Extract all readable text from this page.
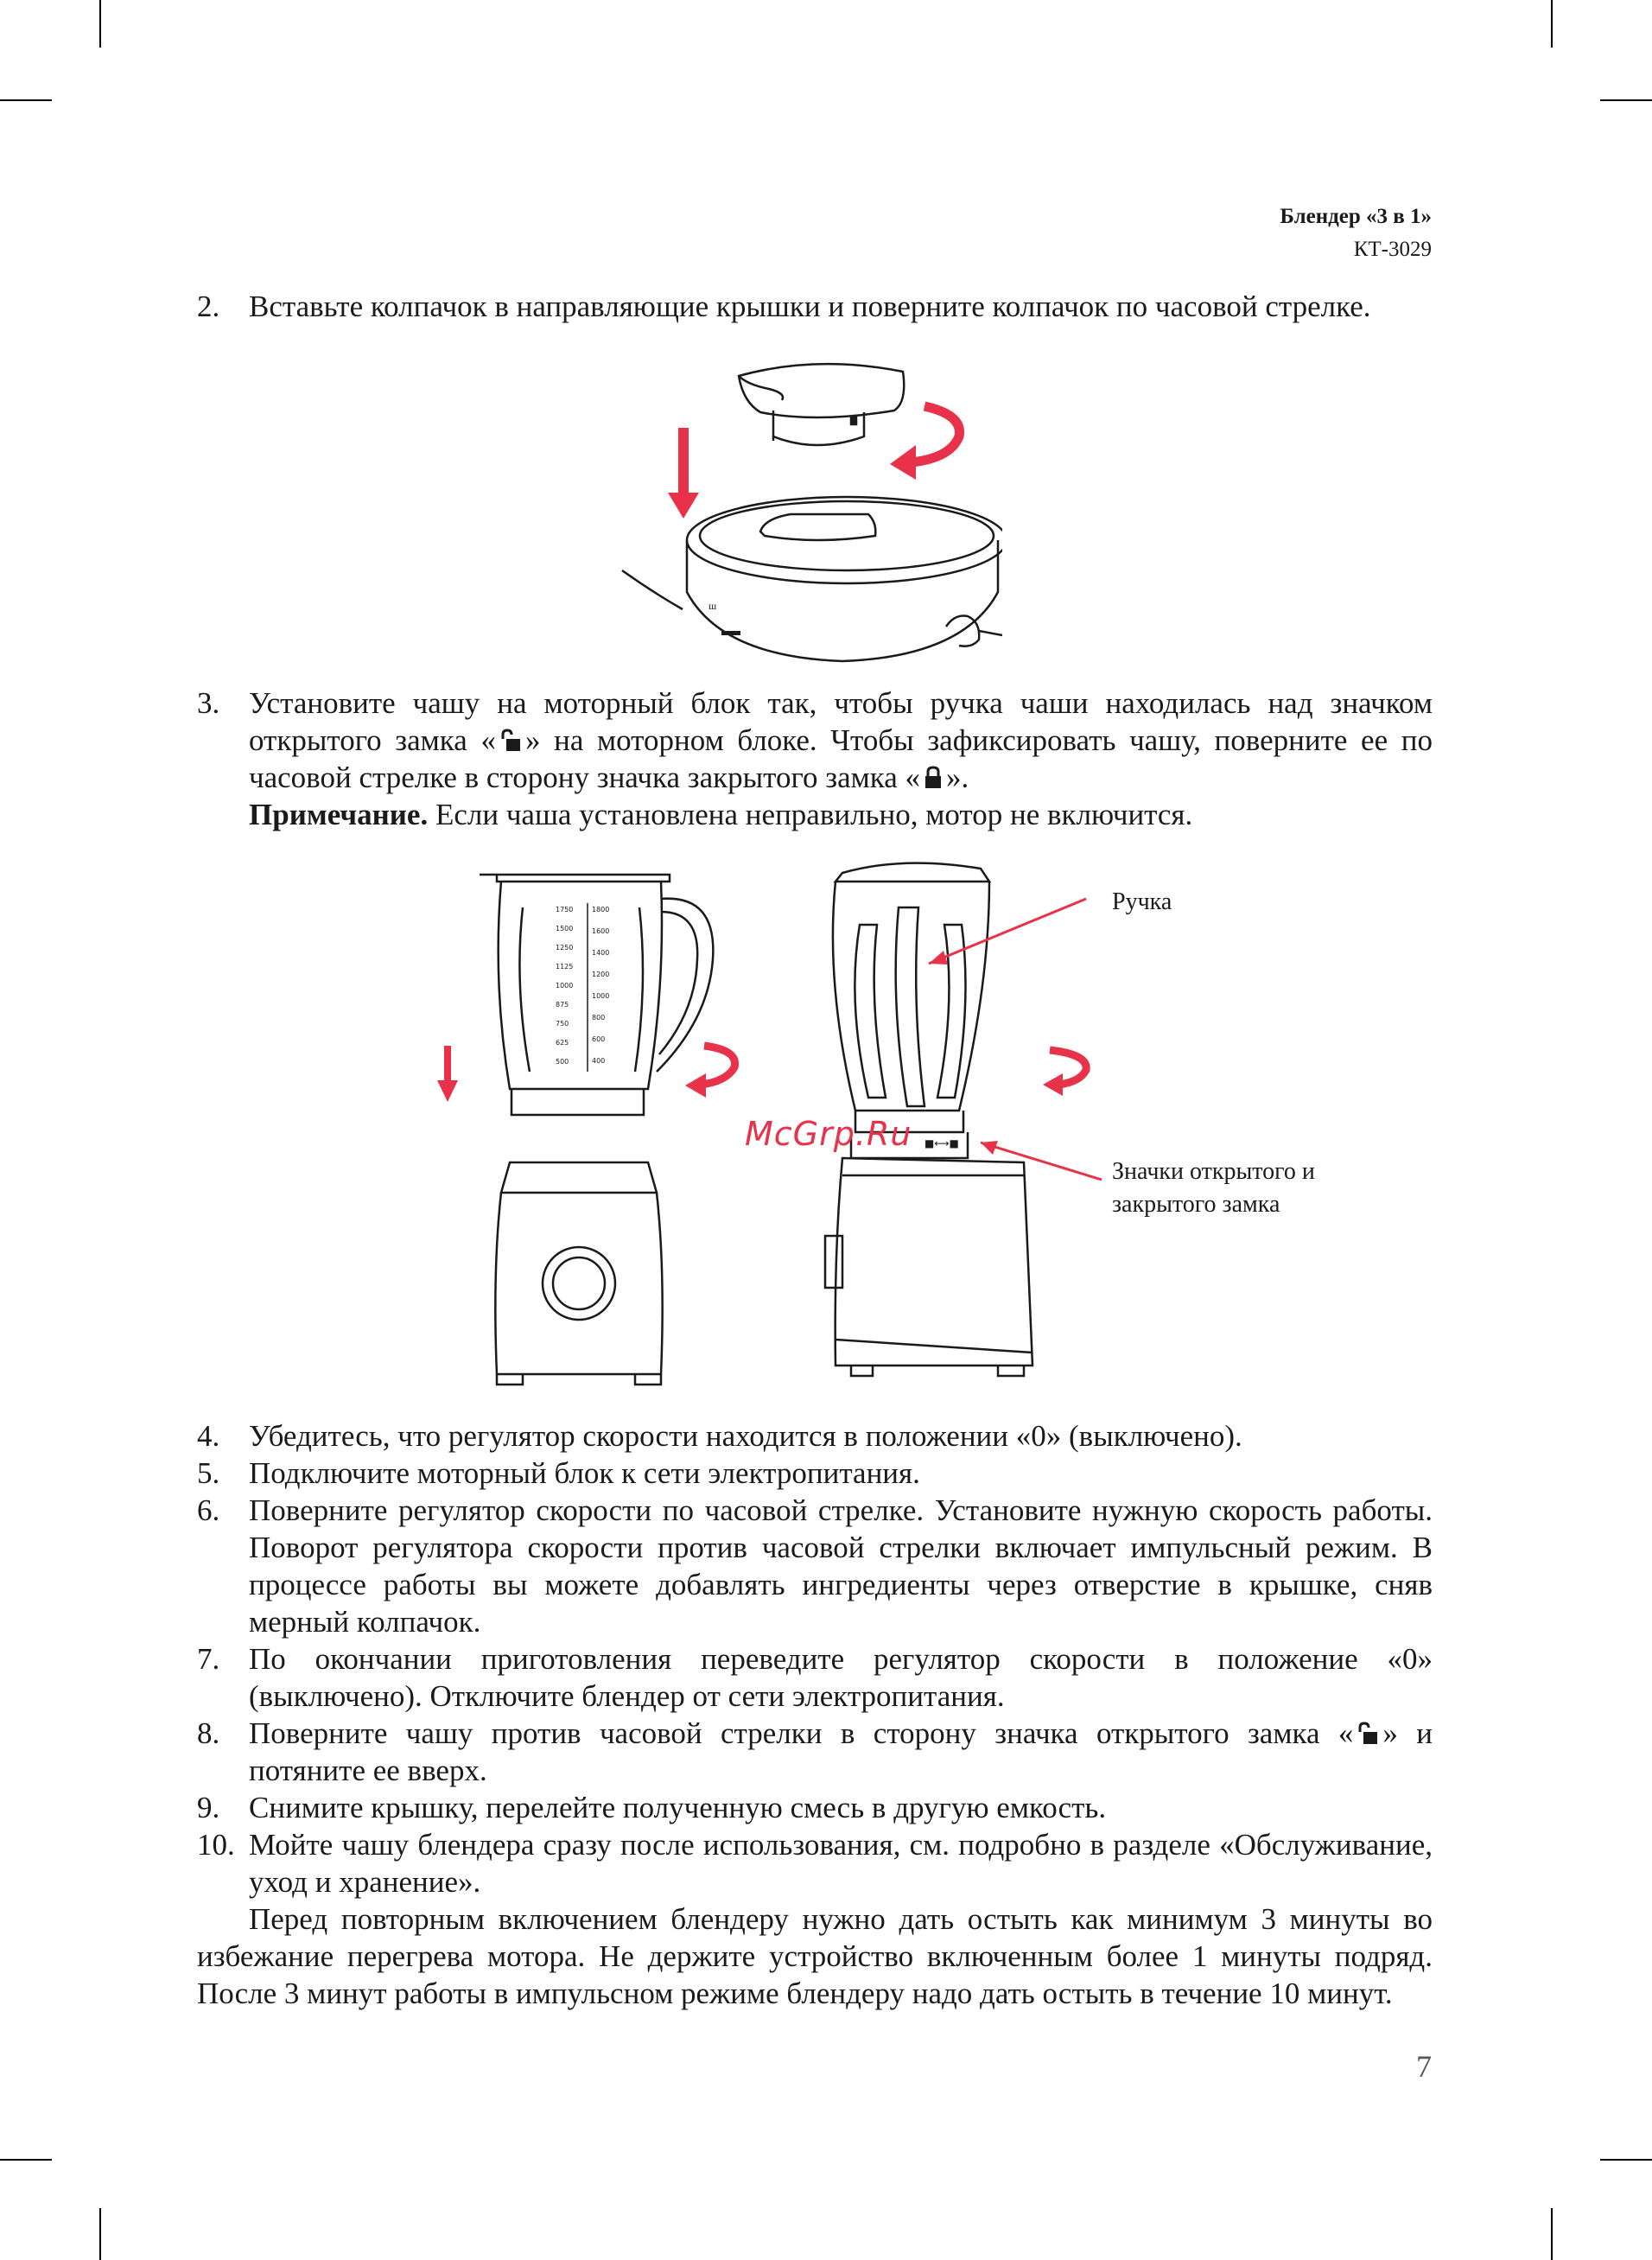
Блендер «3 в 1»
КТ-3029
2. Вставьте колпачок в направляющие крышки и поверните колпачок по часовой стрелке.

ш
3. Установите чашу на моторный блок так, чтобы ручка чаши находилась над значком открытого замка « » на моторном блоке. Чтобы зафиксировать чашу, поверните ее по часовой стрелке в сторону значка закрытого замка « ».

Примечание. Если чаша установлена неправильно, мотор не включится.

1750
1500
1250
1125
1000
875
750
625
500
1800
1600
1400
1200
1000
800
600
400
■⟷■
Ручка
Значки открытого и
закрытого замка
McGrp.Ru
4. Убедитесь, что регулятор скорости находится в положении «0» (выключено).

5. Подключите моторный блок к сети электропитания.

6. Поверните регулятор скорости по часовой стрелке. Установите нужную скорость работы. Поворот регулятора скорости против часовой стрелки включает импульсный режим. В процессе работы вы можете добавлять ингредиенты через отверстие в крышке, сняв мерный колпачок.

7. По окончании приготовления переведите регулятор скорости в положение «0» (выключено). Отключите блендер от сети электропитания.

8. Поверните чашу против часовой стрелки в сторону значка открытого замка « » и потяните ее вверх.

9. Снимите крышку, перелейте полученную смесь в другую емкость.

10. Мойте чашу блендера сразу после использования, см. подробно в разделе «Обслуживание, уход и хранение».

Перед повторным включением блендеру нужно дать остыть как минимум 3 минуты во избежание перегрева мотора. Не держите устройство включенным более 1 минуты подряд. После 3 минут работы в импульсном режиме блендеру надо дать остыть в течение 10 минут.

7
